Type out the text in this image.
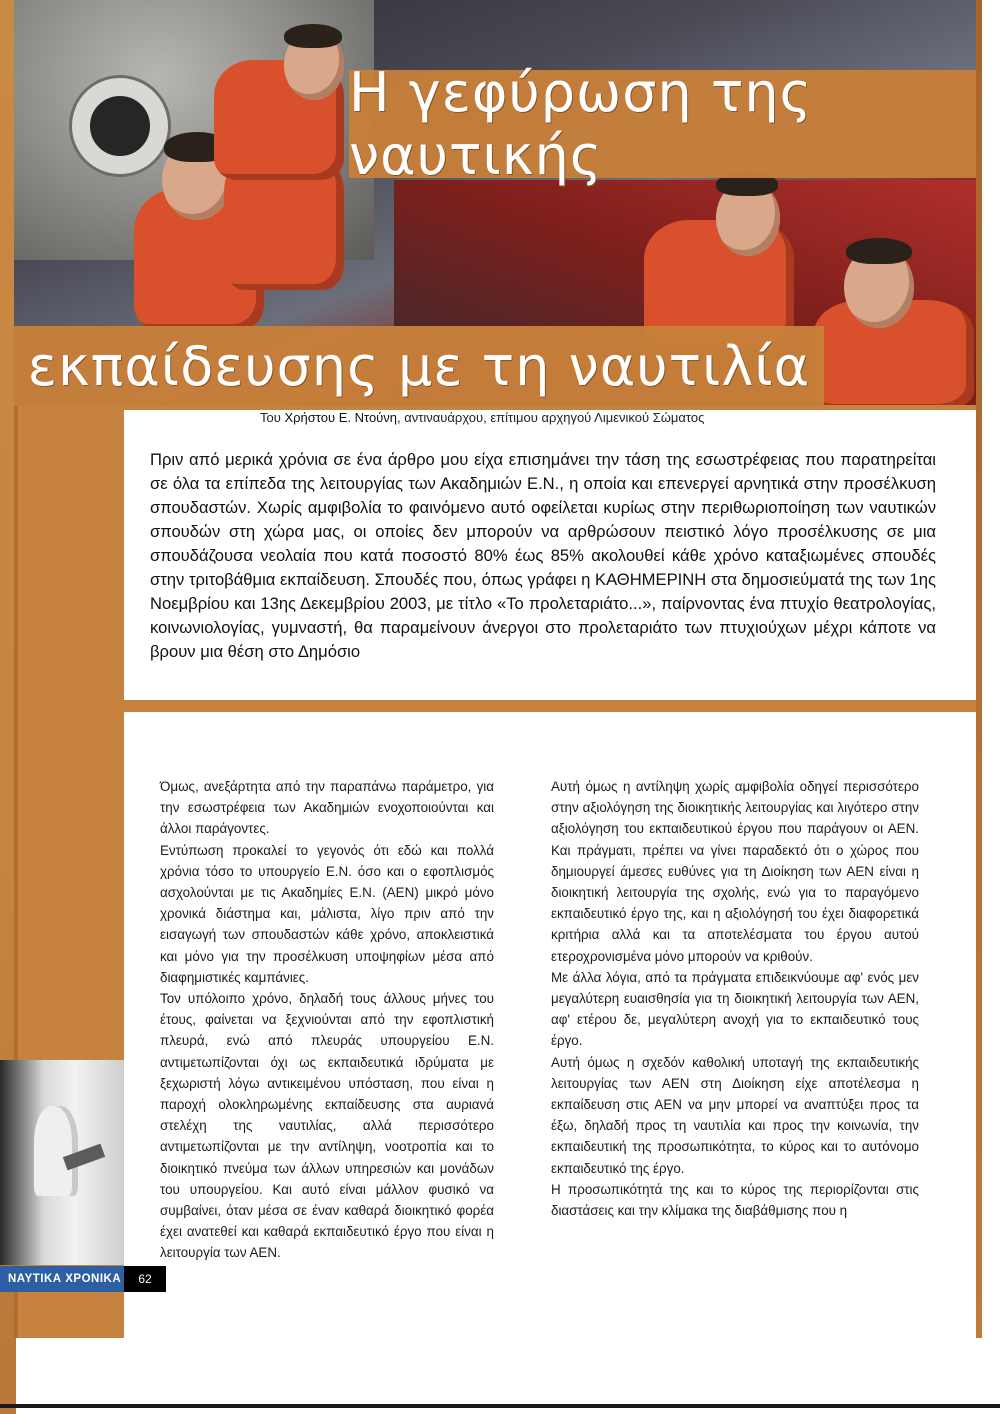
Η γεφύρωση της ναυτικής
εκπαίδευσης με τη ναυτιλία
Του Χρήστου Ε. Ντούνη, αντιναυάρχου, επίτιμου αρχηγού Λιμενικού Σώματος
Πριν από μερικά χρόνια σε ένα άρθρο μου είχα επισημάνει την τάση της εσωστρέφειας που παρατηρείται σε όλα τα επίπεδα της λειτουργίας των Ακαδημιών Ε.Ν., η οποία και επενεργεί αρνητικά στην προσέλκυση σπουδαστών. Χωρίς αμφιβολία το φαινόμενο αυτό οφείλεται κυρίως στην περιθωριοποίηση των ναυτικών σπουδών στη χώρα μας, οι οποίες δεν μπορούν να αρθρώσουν πειστικό λόγο προσέλκυσης σε μια σπουδάζουσα νεολαία που κατά ποσοστό 80% έως 85% ακολουθεί κάθε χρόνο καταξιωμένες σπουδές στην τριτοβάθμια εκπαίδευση. Σπουδές που, όπως γράφει η ΚΑΘΗΜΕΡΙΝΗ στα δημοσιεύματά της των 1ης Νοεμβρίου και 13ης Δεκεμβρίου 2003, με τίτλο «Το προλεταριάτο...», παίρνοντας ένα πτυχίο θεατρολογίας, κοινωνιολογίας, γυμναστή, θα παραμείνουν άνεργοι στο προλεταριάτο των πτυχιούχων μέχρι κάποτε να βρουν μια θέση στο Δημόσιο

Όμως, ανεξάρτητα από την παραπάνω παράμετρο, για την εσωστρέφεια των Ακαδημιών ενοχοποιούνται και άλλοι παράγοντες.

Εντύπωση προκαλεί το γεγονός ότι εδώ και πολλά χρόνια τόσο το υπουργείο Ε.Ν. όσο και ο εφοπλισμός ασχολούνται με τις Ακαδημίες Ε.Ν. (ΑΕΝ) μικρό μόνο χρονικά διάστημα και, μάλιστα, λίγο πριν από την εισαγωγή των σπουδαστών κάθε χρόνο, αποκλειστικά και μόνο για την προσέλκυση υποψηφίων μέσα από διαφημιστικές καμπάνιες.

Τον υπόλοιπο χρόνο, δηλαδή τους άλλους μήνες του έτους, φαίνεται να ξεχνιούνται από την εφοπλιστική πλευρά, ενώ από πλευράς υπουργείου Ε.Ν. αντιμετωπίζονται όχι ως εκπαιδευτικά ιδρύματα με ξεχωριστή λόγω αντικειμένου υπόσταση, που είναι η παροχή ολοκληρωμένης εκπαίδευσης στα αυριανά στελέχη της ναυτιλίας, αλλά περισσότερο αντιμετωπίζονται με την αντίληψη, νοοτροπία και το διοικητικό πνεύμα των άλλων υπηρεσιών και μονάδων του υπουργείου. Και αυτό είναι μάλλον φυσικό να συμβαίνει, όταν μέσα σε έναν καθαρά διοικητικό φορέα έχει ανατεθεί και καθαρά εκπαιδευτικό έργο που είναι η λειτουργία των ΑΕΝ.

Αυτή όμως η αντίληψη χωρίς αμφιβολία οδηγεί περισσότερο στην αξιολόγηση της διοικητικής λειτουργίας και λιγότερο στην αξιολόγηση του εκπαιδευτικού έργου που παράγουν οι ΑΕΝ. Και πράγματι, πρέπει να γίνει παραδεκτό ότι ο χώρος που δημιουργεί άμεσες ευθύνες για τη Διοίκηση των ΑΕΝ είναι η διοικητική λειτουργία της σχολής, ενώ για το παραγόμενο εκπαιδευτικό έργο της, και η αξιολόγησή του έχει διαφορετικά κριτήρια αλλά και τα αποτελέσματα του έργου αυτού ετεροχρονισμένα μόνο μπορούν να κριθούν.

Με άλλα λόγια, από τα πράγματα επιδεικνύουμε αφ' ενός μεν μεγαλύτερη ευαισθησία για τη διοικητική λειτουργία των ΑΕΝ, αφ' ετέρου δε, μεγαλύτερη ανοχή για το εκπαιδευτικό τους έργο.

Αυτή όμως η σχεδόν καθολική υποταγή της εκπαιδευτικής λειτουργίας των ΑΕΝ στη Διοίκηση είχε αποτέλεσμα η εκπαίδευση στις ΑΕΝ να μην μπορεί να αναπτύξει προς τα έξω, δηλαδή προς τη ναυτιλία και προς την κοινωνία, την εκπαιδευτική της προσωπικότητα, το κύρος και το αυτόνομο εκπαιδευτικό της έργο.

Η προσωπικότητά της και το κύρος της περιορίζονται στις διαστάσεις και την κλίμακα της διαβάθμισης που η

ΝΑΥΤΙΚΑ ΧΡΟΝΙΚΑ	62
